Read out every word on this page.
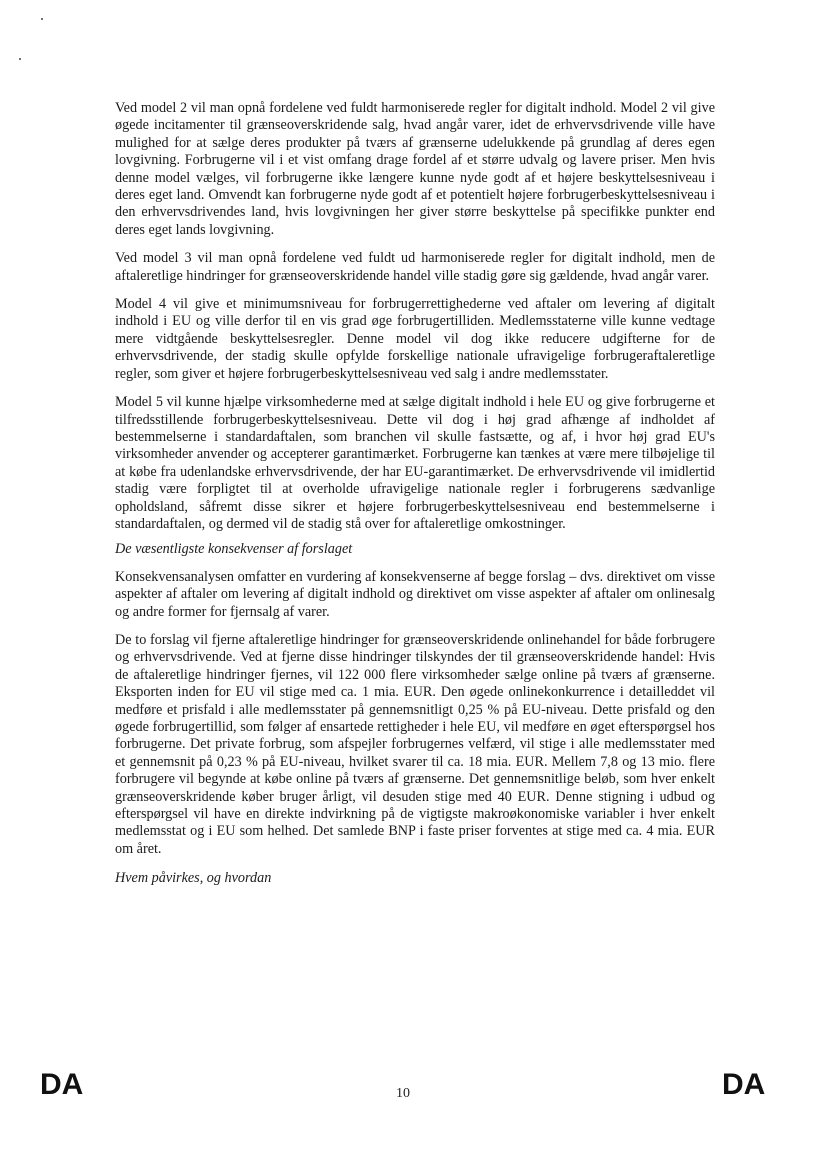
Ved model 2 vil man opnå fordelene ved fuldt harmoniserede regler for digitalt indhold. Model 2 vil give øgede incitamenter til grænseoverskridende salg, hvad angår varer, idet de erhvervsdrivende ville have mulighed for at sælge deres produkter på tværs af grænserne udelukkende på grundlag af deres egen lovgivning. Forbrugerne vil i et vist omfang drage fordel af et større udvalg og lavere priser. Men hvis denne model vælges, vil forbrugerne ikke længere kunne nyde godt af et højere beskyttelsesniveau i deres eget land. Omvendt kan forbrugerne nyde godt af et potentielt højere forbrugerbeskyttelsesniveau i den erhvervsdrivendes land, hvis lovgivningen her giver større beskyttelse på specifikke punkter end deres eget lands lovgivning.

Ved model 3 vil man opnå fordelene ved fuldt ud harmoniserede regler for digitalt indhold, men de aftaleretlige hindringer for grænseoverskridende handel ville stadig gøre sig gældende, hvad angår varer.

Model 4 vil give et minimumsniveau for forbrugerrettighederne ved aftaler om levering af digitalt indhold i EU og ville derfor til en vis grad øge forbrugertilliden. Medlemsstaterne ville kunne vedtage mere vidtgående beskyttelsesregler. Denne model vil dog ikke reducere udgifterne for de erhvervsdrivende, der stadig skulle opfylde forskellige nationale ufravigelige forbrugeraftaleretlige regler, som giver et højere forbrugerbeskyttelsesniveau ved salg i andre medlemsstater.

Model 5 vil kunne hjælpe virksomhederne med at sælge digitalt indhold i hele EU og give forbrugerne et tilfredsstillende forbrugerbeskyttelsesniveau. Dette vil dog i høj grad afhænge af indholdet af bestemmelserne i standardaftalen, som branchen vil skulle fastsætte, og af, i hvor høj grad EU's virksomheder anvender og accepterer garantimærket. Forbrugerne kan tænkes at være mere tilbøjelige til at købe fra udenlandske erhvervsdrivende, der har EU-garantimærket. De erhvervsdrivende vil imidlertid stadig være forpligtet til at overholde ufravigelige nationale regler i forbrugerens sædvanlige opholdsland, såfremt disse sikrer et højere forbrugerbeskyttelsesniveau end bestemmelserne i standardaftalen, og dermed vil de stadig stå over for aftaleretlige omkostninger.

De væsentligste konsekvenser af forslaget

Konsekvensanalysen omfatter en vurdering af konsekvenserne af begge forslag – dvs. direktivet om visse aspekter af aftaler om levering af digitalt indhold og direktivet om visse aspekter af aftaler om onlinesalg og andre former for fjernsalg af varer.

De to forslag vil fjerne aftaleretlige hindringer for grænseoverskridende onlinehandel for både forbrugere og erhvervsdrivende. Ved at fjerne disse hindringer tilskyndes der til grænseoverskridende handel: Hvis de aftaleretlige hindringer fjernes, vil 122 000 flere virksomheder sælge online på tværs af grænserne. Eksporten inden for EU vil stige med ca. 1 mia. EUR. Den øgede onlinekonkurrence i detailleddet vil medføre et prisfald i alle medlemsstater på gennemsnitligt 0,25 % på EU-niveau. Dette prisfald og den øgede forbrugertillid, som følger af ensartede rettigheder i hele EU, vil medføre en øget efterspørgsel hos forbrugerne. Det private forbrug, som afspejler forbrugernes velfærd, vil stige i alle medlemsstater med et gennemsnit på 0,23 % på EU-niveau, hvilket svarer til ca. 18 mia. EUR. Mellem 7,8 og 13 mio. flere forbrugere vil begynde at købe online på tværs af grænserne. Det gennemsnitlige beløb, som hver enkelt grænseoverskridende køber bruger årligt, vil desuden stige med 40 EUR. Denne stigning i udbud og efterspørgsel vil have en direkte indvirkning på de vigtigste makroøkonomiske variabler i hver enkelt medlemsstat og i EU som helhed. Det samlede BNP i faste priser forventes at stige med ca. 4 mia. EUR om året.

Hvem påvirkes, og hvordan
DA	10	DA
